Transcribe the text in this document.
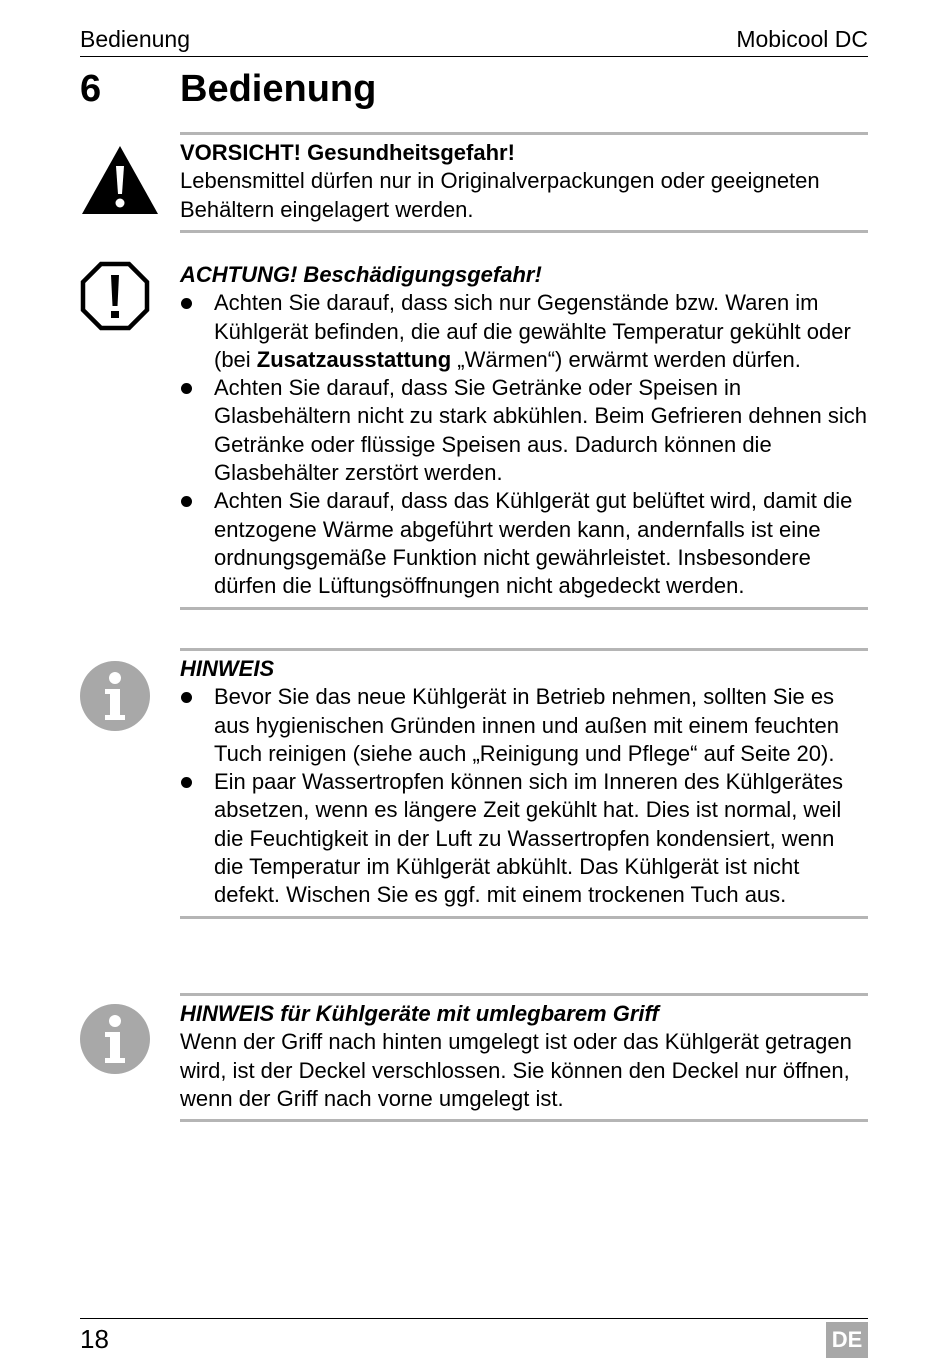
Bedienung	Mobicool DC
6 Bedienung

VORSICHT! Gesundheitsgefahr!

Lebensmittel dürfen nur in Originalverpackungen oder geeigneten Behältern eingelagert werden.

ACHTUNG! Beschädigungsgefahr!

Achten Sie darauf, dass sich nur Gegenstände bzw. Waren im Kühlgerät befinden, die auf die gewählte Temperatur gekühlt oder (bei Zusatzausstattung „Wärmen“) erwärmt werden dürfen.
Achten Sie darauf, dass Sie Getränke oder Speisen in Glasbehältern nicht zu stark abkühlen. Beim Gefrieren dehnen sich Getränke oder flüssige Speisen aus. Dadurch können die Glasbehälter zerstört werden.
Achten Sie darauf, dass das Kühlgerät gut belüftet wird, damit die entzogene Wärme abgeführt werden kann, andernfalls ist eine ordnungsgemäße Funktion nicht gewährleistet. Insbesondere dürfen die Lüftungsöffnungen nicht abgedeckt werden.

HINWEIS

Bevor Sie das neue Kühlgerät in Betrieb nehmen, sollten Sie es aus hygienischen Gründen innen und außen mit einem feuchten Tuch reinigen (siehe auch „Reinigung und Pflege“ auf Seite 20).
Ein paar Wassertropfen können sich im Inneren des Kühlgerätes absetzen, wenn es längere Zeit gekühlt hat. Dies ist normal, weil die Feuchtigkeit in der Luft zu Wassertropfen kondensiert, wenn die Temperatur im Kühlgerät abkühlt. Das Kühlgerät ist nicht defekt. Wischen Sie es ggf. mit einem trockenen Tuch aus.

HINWEIS für Kühlgeräte mit umlegbarem Griff

Wenn der Griff nach hinten umgelegt ist oder das Kühlgerät getragen wird, ist der Deckel verschlossen. Sie können den Deckel nur öffnen, wenn der Griff nach vorne umgelegt ist.

18	DE
